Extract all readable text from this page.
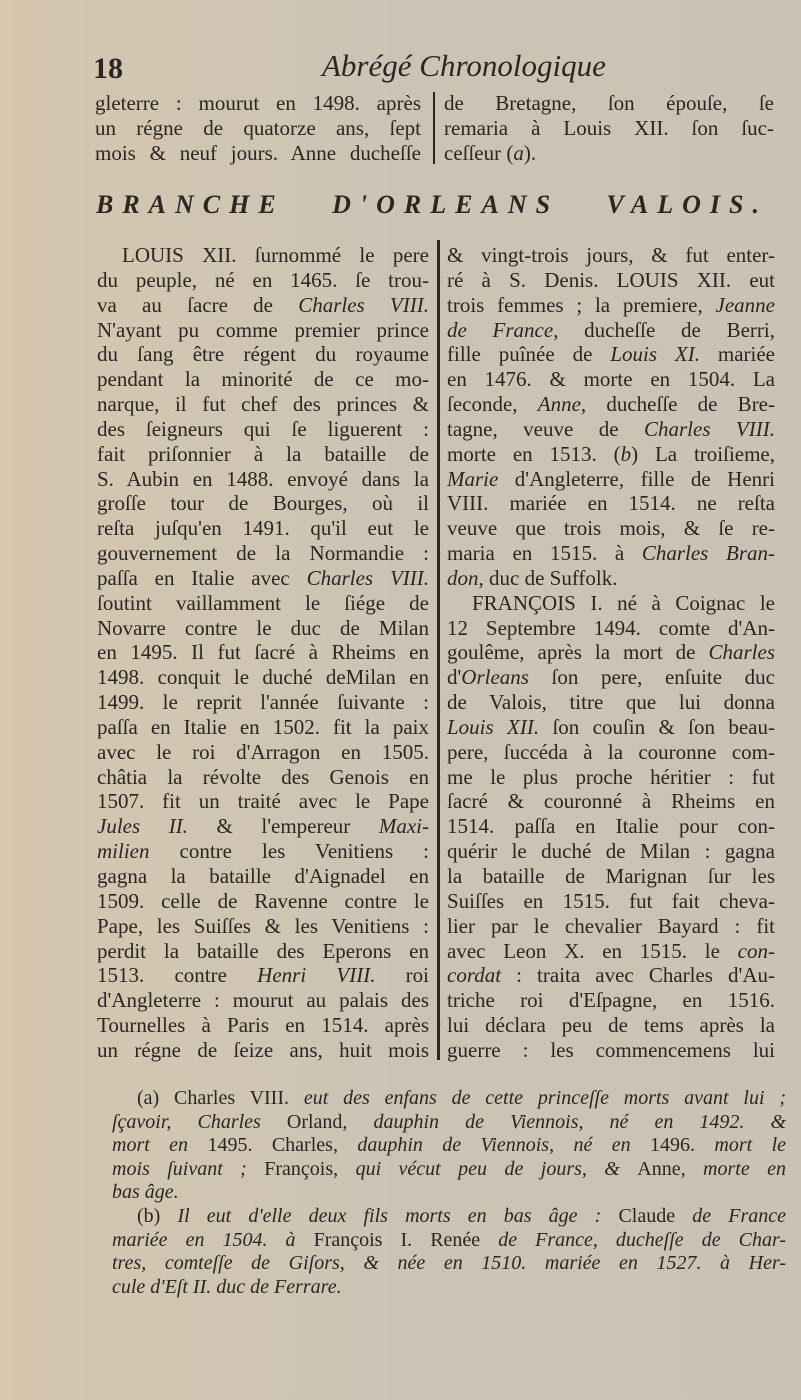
18	Abrégé Chronologique
BRANCHE D'ORLEANS VALOIS.
gleterre : mourut en 1498. après
un régne de quatorze ans, ſept
mois & neuf jours. Anne ducheſſe
de Bretagne, ſon épouſe, ſe
remaria à Louis XII. ſon ſuc-
ceſſeur (a).
LOUIS XII. ſurnommé le pere
du peuple, né en 1465. ſe trou-
va au ſacre de Charles VIII.
N'ayant pu comme premier prince
du ſang être régent du royaume
pendant la minorité de ce mo-
narque, il fut chef des princes &
des ſeigneurs qui ſe liguerent :
fait priſonnier à la bataille de
S. Aubin en 1488. envoyé dans la
groſſe tour de Bourges, où il
reſta juſqu'en 1491. qu'il eut le
gouvernement de la Normandie :
paſſa en Italie avec Charles VIII.
ſoutint vaillamment le ſiége de
Novarre contre le duc de Milan
en 1495. Il fut ſacré à Rheims en
1498. conquit le duché deMilan en
1499. le reprit l'année ſuivante :
paſſa en Italie en 1502. fit la paix
avec le roi d'Arragon en 1505.
châtia la révolte des Genois en
1507. fit un traité avec le Pape
Jules II. & l'empereur Maxi-
milien contre les Venitiens :
gagna la bataille d'Aignadel en
1509. celle de Ravenne contre le
Pape, les Suiſſes & les Venitiens :
perdit la bataille des Eperons en
1513. contre Henri VIII. roi
d'Angleterre : mourut au palais des
Tournelles à Paris en 1514. après
un régne de ſeize ans, huit mois
& vingt-trois jours, & fut enter-
ré à S. Denis. LOUIS XII. eut
trois femmes ; la premiere, Jeanne
de France, ducheſſe de Berri,
fille puînée de Louis XI. mariée
en 1476. & morte en 1504. La
ſeconde, Anne, ducheſſe de Bre-
tagne, veuve de Charles VIII.
morte en 1513. (b) La troiſieme,
Marie d'Angleterre, fille de Henri
VIII. mariée en 1514. ne reſta
veuve que trois mois, & ſe re-
maria en 1515. à Charles Bran-
don, duc de Suffolk.
FRANÇOIS I. né à Coignac le
12 Septembre 1494. comte d'An-
goulême, après la mort de Charles
d'Orleans ſon pere, enſuite duc
de Valois, titre que lui donna
Louis XII. ſon couſin & ſon beau-
pere, ſuccéda à la couronne com-
me le plus proche héritier : fut
ſacré & couronné à Rheims en
1514. paſſa en Italie pour con-
quérir le duché de Milan : gagna
la bataille de Marignan ſur les
Suiſſes en 1515. fut fait cheva-
lier par le chevalier Bayard : fit
avec Leon X. en 1515. le con-
cordat : traita avec Charles d'Au-
triche roi d'Eſpagne, en 1516.
lui déclara peu de tems après la
guerre : les commencemens lui
(a) Charles VIII. eut des enfans de cette princeſſe morts avant lui ;
ſçavoir, Charles Orland, dauphin de Viennois, né en 1492. &
mort en 1495. Charles, dauphin de Viennois, né en 1496. mort le
mois ſuivant ; François, qui vécut peu de jours, & Anne, morte en
bas âge.
(b) Il eut d'elle deux fils morts en bas âge : Claude de France
mariée en 1504. à François I. Renée de France, ducheſſe de Char-
tres, comteſſe de Giſors, & née en 1510. mariée en 1527. à Her-
cule d'Eſt II. duc de Ferrare.
